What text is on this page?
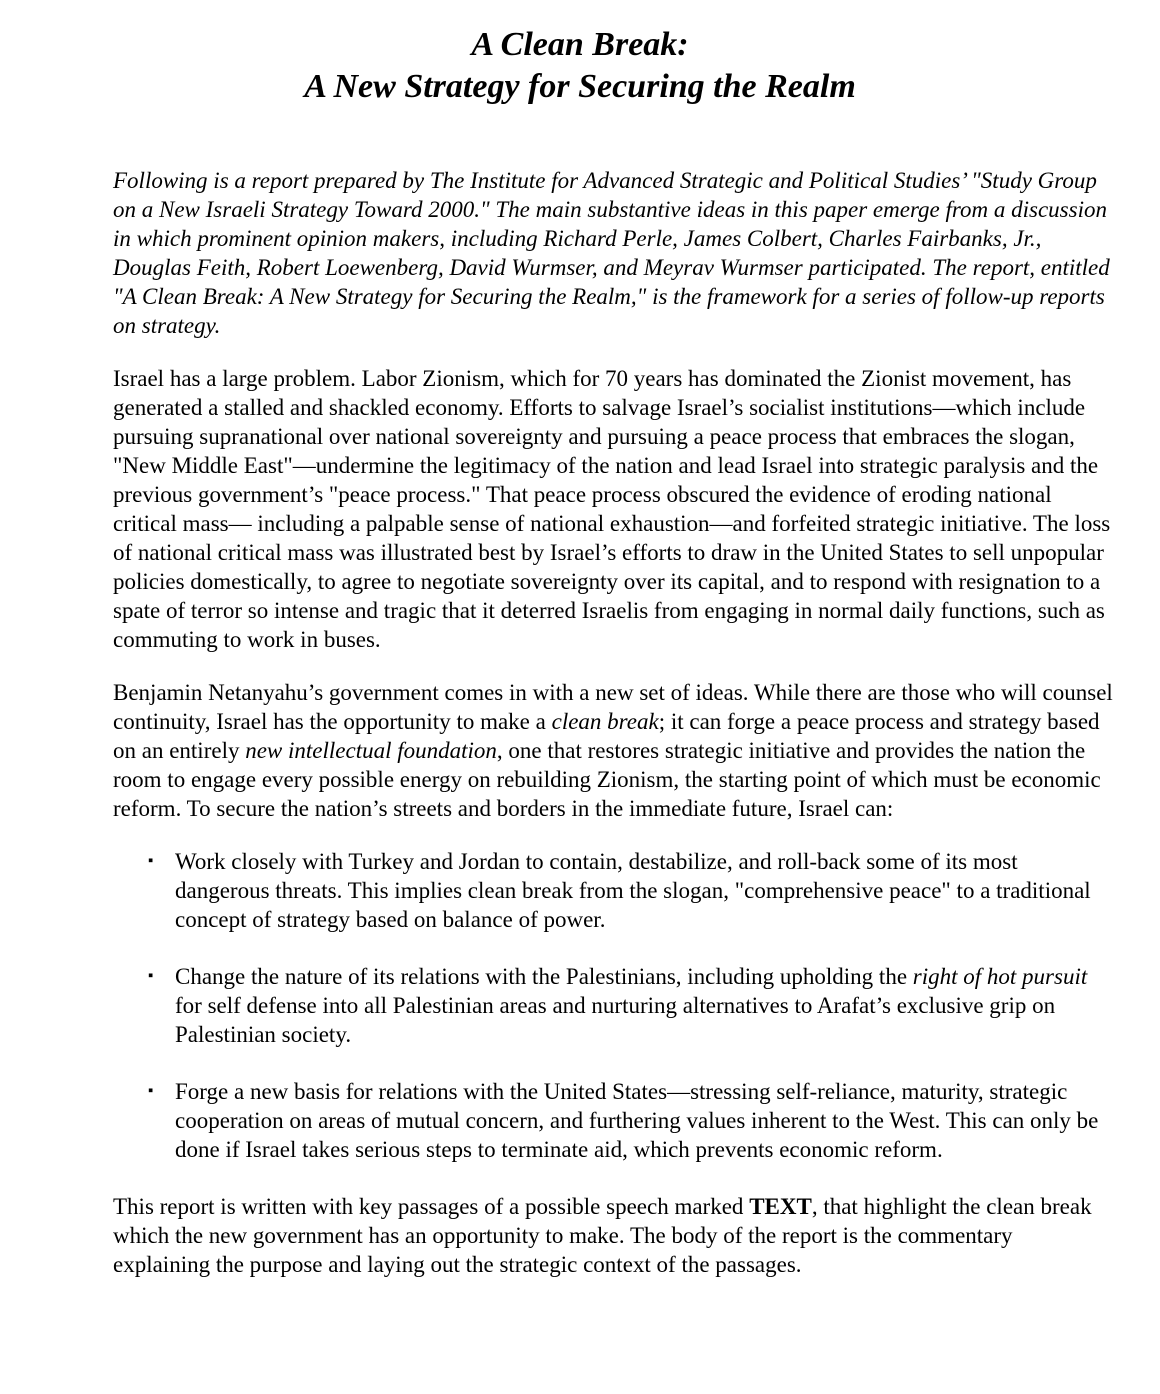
A Clean Break:
A New Strategy for Securing the Realm

Following is a report prepared by The Institute for Advanced Strategic and Political Studies’ "Study Group on a New Israeli Strategy Toward 2000." The main substantive ideas in this paper emerge from a discussion in which prominent opinion makers, including Richard Perle, James Colbert, Charles Fairbanks, Jr., Douglas Feith, Robert Loewenberg, David Wurmser, and Meyrav Wurmser participated. The report, entitled "A Clean Break: A New Strategy for Securing the Realm," is the framework for a series of follow-up reports on strategy.

Israel has a large problem. Labor Zionism, which for 70 years has dominated the Zionist movement, has generated a stalled and shackled economy. Efforts to salvage Israel’s socialist institutions—which include pursuing supranational over national sovereignty and pursuing a peace process that embraces the slogan, "New Middle East"—undermine the legitimacy of the nation and lead Israel into strategic paralysis and the previous government’s "peace process." That peace process obscured the evidence of eroding national critical mass— including a palpable sense of national exhaustion—and forfeited strategic initiative. The loss of national critical mass was illustrated best by Israel’s efforts to draw in the United States to sell unpopular policies domestically, to agree to negotiate sovereignty over its capital, and to respond with resignation to a spate of terror so intense and tragic that it deterred Israelis from engaging in normal daily functions, such as commuting to work in buses.

Benjamin Netanyahu’s government comes in with a new set of ideas. While there are those who will counsel continuity, Israel has the opportunity to make a clean break; it can forge a peace process and strategy based on an entirely new intellectual foundation, one that restores strategic initiative and provides the nation the room to engage every possible energy on rebuilding Zionism, the starting point of which must be economic reform. To secure the nation’s streets and borders in the immediate future, Israel can:

▪ Work closely with Turkey and Jordan to contain, destabilize, and roll-back some of its most dangerous threats. This implies clean break from the slogan, "comprehensive peace" to a traditional concept of strategy based on balance of power.
▪ Change the nature of its relations with the Palestinians, including upholding the right of hot pursuit for self defense into all Palestinian areas and nurturing alternatives to Arafat’s exclusive grip on Palestinian society.
▪ Forge a new basis for relations with the United States—stressing self-reliance, maturity, strategic cooperation on areas of mutual concern, and furthering values inherent to the West. This can only be done if Israel takes serious steps to terminate aid, which prevents economic reform.

This report is written with key passages of a possible speech marked TEXT, that highlight the clean break which the new government has an opportunity to make. The body of the report is the commentary explaining the purpose and laying out the strategic context of the passages.
